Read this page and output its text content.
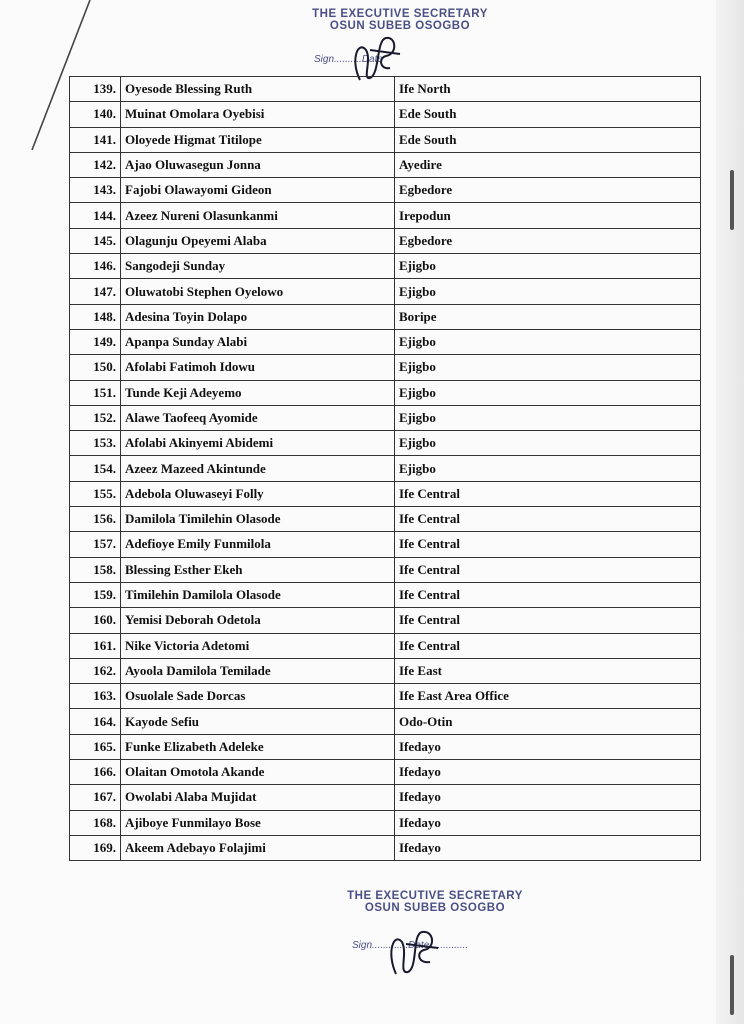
THE EXECUTIVE SECRETARY
OSUN SUBEB OSOGBO
Sign..........Date
139.	Oyesode Blessing Ruth	Ife North
140.	Muinat Omolara Oyebisi	Ede South
141.	Oloyede Higmat Titilope	Ede South
142.	Ajao Oluwasegun Jonna	Ayedire
143.	Fajobi Olawayomi Gideon	Egbedore
144.	Azeez Nureni Olasunkanmi	Irepodun
145.	Olagunju Opeyemi Alaba	Egbedore
146.	Sangodeji Sunday	Ejigbo
147.	Oluwatobi Stephen Oyelowo	Ejigbo
148.	Adesina Toyin Dolapo	Boripe
149.	Apanpa Sunday Alabi	Ejigbo
150.	Afolabi Fatimoh Idowu	Ejigbo
151.	Tunde Keji Adeyemo	Ejigbo
152.	Alawe Taofeeq Ayomide	Ejigbo
153.	Afolabi Akinyemi Abidemi	Ejigbo
154.	Azeez Mazeed Akintunde	Ejigbo
155.	Adebola Oluwaseyi Folly	Ife Central
156.	Damilola Timilehin Olasode	Ife Central
157.	Adefioye Emily Funmilola	Ife Central
158.	Blessing Esther Ekeh	Ife Central
159.	Timilehin Damilola Olasode	Ife Central
160.	Yemisi Deborah Odetola	Ife Central
161.	Nike Victoria Adetomi	Ife Central
162.	Ayoola Damilola Temilade	Ife East
163.	Osuolale Sade Dorcas	Ife East Area Office
164.	Kayode Sefiu	Odo-Otin
165.	Funke Elizabeth Adeleke	Ifedayo
166.	Olaitan Omotola Akande	Ifedayo
167.	Owolabi Alaba Mujidat	Ifedayo
168.	Ajiboye Funmilayo Bose	Ifedayo
169.	Akeem Adebayo Folajimi	Ifedayo
THE EXECUTIVE SECRETARY
OSUN SUBEB OSOGBO
Sign.............Date..............
